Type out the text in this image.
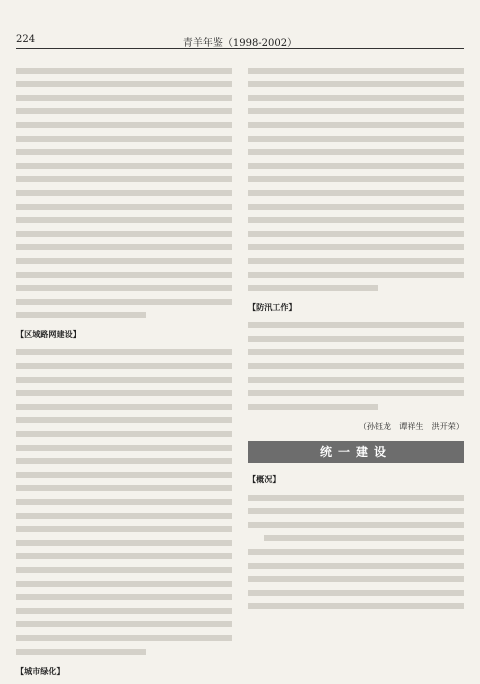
224	青羊年鉴（1998-2002）

【区域路网建设】

【城市绿化】

【防汛工作】

（孙钰龙　谭祥生　洪开荣）

统一建设

【概况】
